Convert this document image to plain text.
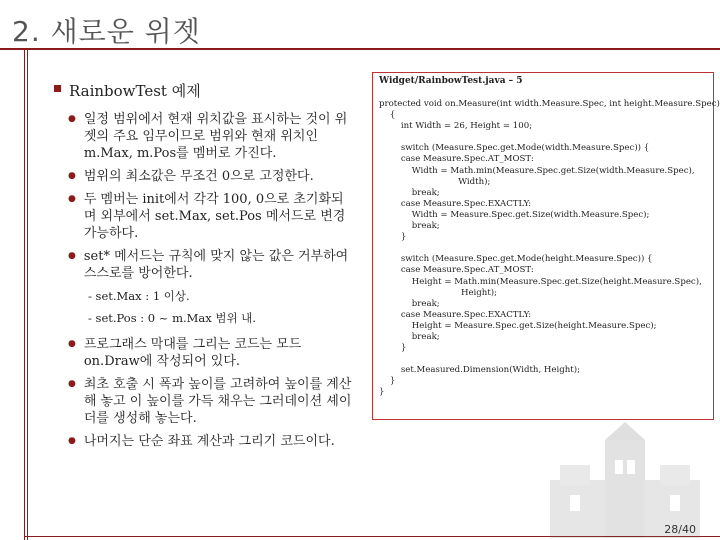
2. 새로운 위젯
RainbowTest 예제
● 일정 범위에서 현재 위치값을 표시하는 것이 위젯의 주요 임무이므로 범위와 현재 위치인 m.Max, m.Pos를 멤버로 가진다.
● 범위의 최소값은 무조건 0으로 고정한다.
● 두 멤버는 init에서 각각 100, 0으로 초기화되며 외부에서 set.Max, set.Pos 메서드로 변경 가능하다.
● set* 메서드는 규칙에 맞지 않는 값은 거부하여 스스로를 방어한다.
- set.Max : 1 이상.
- set.Pos : 0 ~ m.Max 범위 내.
● 프로그래스 막대를 그리는 코드는 모드 on.Draw에 작성되어 있다.
● 최초 호출 시 폭과 높이를 고려하여 높이를 계산해 놓고 이 높이를 가득 채우는 그러데이션 셰이더를 생성해 놓는다.
● 나머지는 단순 좌표 계산과 그리기 코드이다.
Widget/RainbowTest.java – 5
protected void on.Measure(int width.Measure.Spec, int height.Measure.Spec)
{
int Width = 26, Height = 100;

switch (Measure.Spec.get.Mode(width.Measure.Spec)) {
case Measure.Spec.AT_MOST:
Width = Math.min(Measure.Spec.get.Size(width.Measure.Spec),
Width);
break;
case Measure.Spec.EXACTLY:
Width = Measure.Spec.get.Size(width.Measure.Spec);
break;
}

switch (Measure.Spec.get.Mode(height.Measure.Spec)) {
case Measure.Spec.AT_MOST:
Height = Math.min(Measure.Spec.get.Size(height.Measure.Spec),
Height);
break;
case Measure.Spec.EXACTLY:
Height = Measure.Spec.get.Size(height.Measure.Spec);
break;
}

set.Measured.Dimension(Width, Height);
}
}
28/40
